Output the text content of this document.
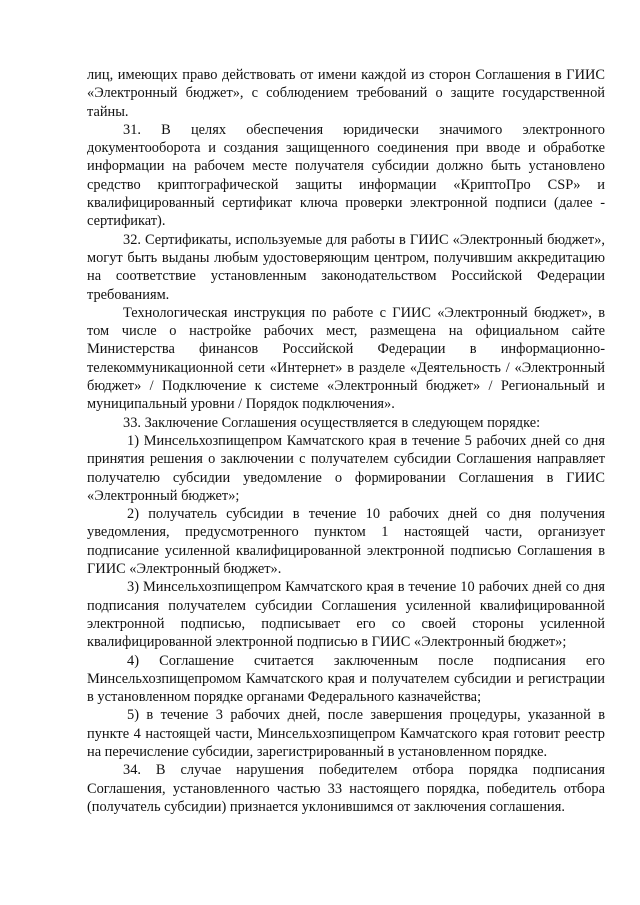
лиц, имеющих право действовать от имени каждой из сторон Соглашения в ГИИС «Электронный бюджет», с соблюдением требований о защите государственной тайны.

31. В целях обеспечения юридически значимого электронного документооборота и создания защищенного соединения при вводе и обработке информации на рабочем месте получателя субсидии должно быть установлено средство криптографической защиты информации «КриптоПро CSP» и квалифицированный сертификат ключа проверки электронной подписи (далее - сертификат).

32. Сертификаты, используемые для работы в ГИИС «Электронный бюджет», могут быть выданы любым удостоверяющим центром, получившим аккредитацию на соответствие установленным законодательством Российской Федерации требованиям.

Технологическая инструкция по работе с ГИИС «Электронный бюджет», в том числе о настройке рабочих мест, размещена на официальном сайте Министерства финансов Российской Федерации в информационно-телекоммуникационной сети «Интернет» в разделе «Деятельность / «Электронный бюджет» / Подключение к системе «Электронный бюджет» / Региональный и муниципальный уровни / Порядок подключения».

33. Заключение Соглашения осуществляется в следующем порядке:

1) Минсельхозпищепром Камчатского края в течение 5 рабочих дней со дня принятия решения о заключении с получателем субсидии Соглашения направляет получателю субсидии уведомление о формировании Соглашения в ГИИС «Электронный бюджет»;

2) получатель субсидии в течение 10 рабочих дней со дня получения уведомления, предусмотренного пунктом 1 настоящей части, организует подписание усиленной квалифицированной электронной подписью Соглашения в ГИИС «Электронный бюджет».

3) Минсельхозпищепром Камчатского края в течение 10 рабочих дней со дня подписания получателем субсидии Соглашения усиленной квалифицированной электронной подписью, подписывает его со своей стороны усиленной квалифицированной электронной подписью в ГИИС «Электронный бюджет»;

4) Соглашение считается заключенным после подписания его Минсельхозпищепромом Камчатского края и получателем субсидии и регистрации в установленном порядке органами Федерального казначейства;

5) в течение 3 рабочих дней, после завершения процедуры, указанной в пункте 4 настоящей части, Минсельхозпищепром Камчатского края готовит реестр на перечисление субсидии, зарегистрированный в установленном порядке.

34. В случае нарушения победителем отбора порядка подписания Соглашения, установленного частью 33 настоящего порядка, победитель отбора (получатель субсидии) признается уклонившимся от заключения соглашения.
